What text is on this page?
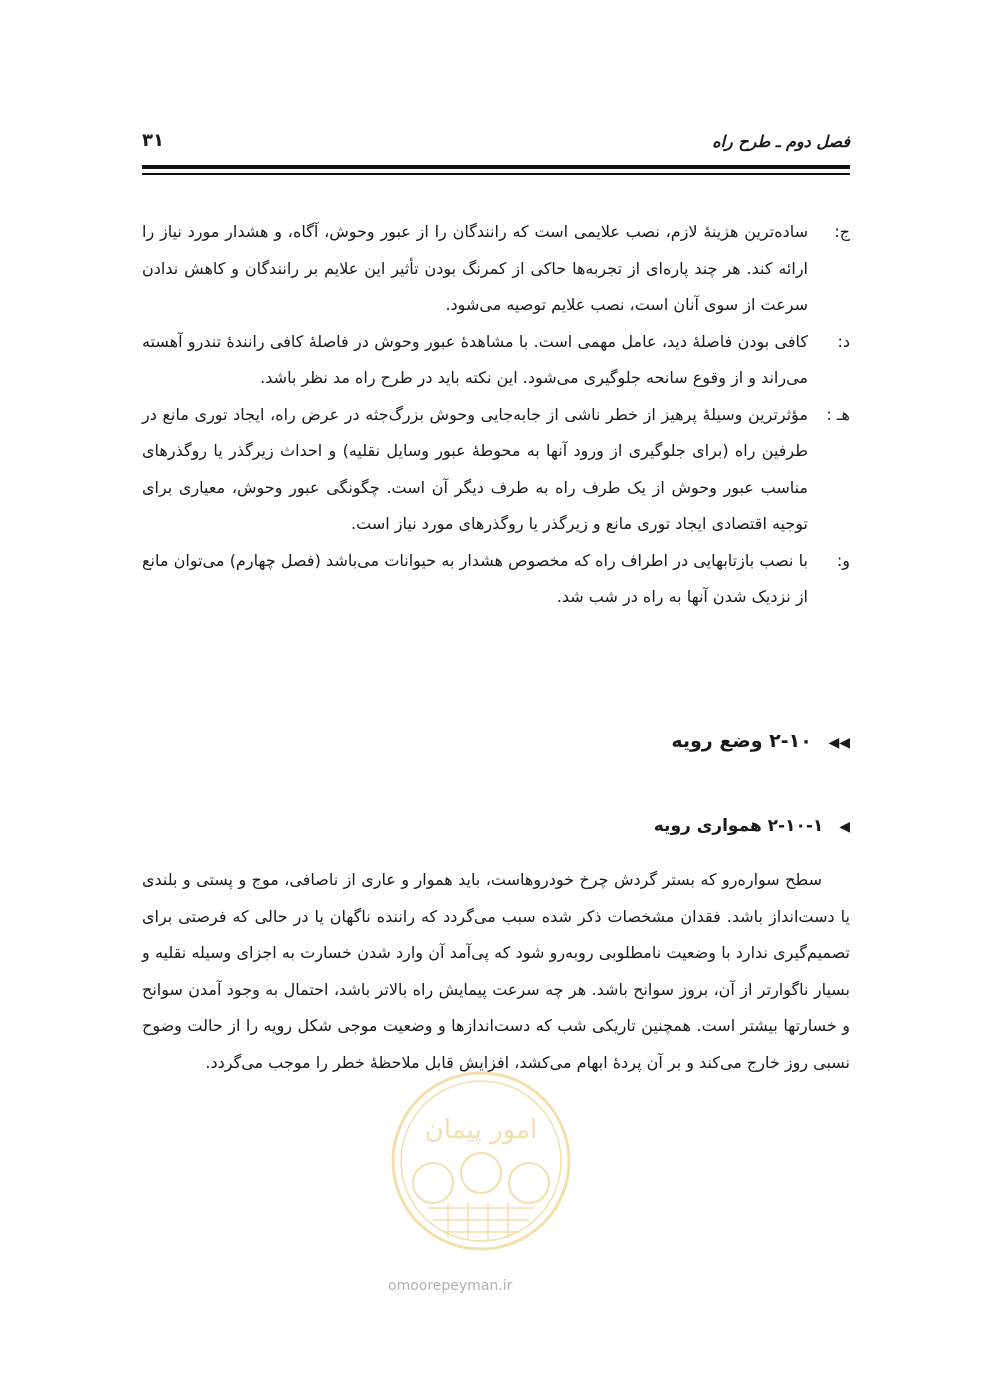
فصل دوم ـ طرح راه
۳۱
ج:
ساده‌ترین هزینهٔ لازم، نصب علایمی است که رانندگان را از عبور وحوش، آگاه، و هشدار مورد نیاز را ارائه کند. هر چند پاره‌ای از تجربه‌ها حاکی از کمرنگ بودن تأثیر این علایم بر رانندگان و کاهش ندادن سرعت از سوی آنان است، نصب علایم توصیه می‌شود.
د:
کافی بودن فاصلهٔ دید، عامل مهمی است. با مشاهدهٔ عبور وحوش در فاصلهٔ کافی رانندهٔ تندرو آهسته می‌راند و از وقوع سانحه جلوگیری می‌شود. این نکته باید در طرح راه مد نظر باشد.
هـ :
مؤثرترین وسیلهٔ پرهیز از خطر ناشی از جابه‌جایی وحوش بزرگ‌جثه در عرض راه، ایجاد توری مانع در طرفین راه (برای جلوگیری از ورود آنها به محوطهٔ عبور وسایل نقلیه) و احداث زیرگذر یا روگذرهای مناسب عبور وحوش از یک طرف راه به طرف دیگر آن است. چگونگی عبور وحوش، معیاری برای توجیه اقتصادی ایجاد توری مانع و زیرگذر یا روگذرهای مورد نیاز است.
و:
با نصب بازتابهایی در اطراف راه که مخصوص هشدار به حیوانات می‌باشد (فصل چهارم) می‌توان مانع از نزدیک شدن آنها به راه در شب شد.
◀◀ ۲-۱۰ وضع رویه
◀ ۲-۱۰-۱ همواری رویه
سطح سواره‌رو که بستر گردش چرخ خودروهاست، باید هموار و عاری از ناصافی، موج و پستی و بلندی یا دست‌انداز باشد. فقدان مشخصات ذکر شده سبب می‌گردد که راننده ناگهان یا در حالی که فرصتی برای تصمیم‌گیری ندارد با وضعیت نامطلوبی روبه‌رو شود که پی‌آمد آن وارد شدن خسارت به اجزای وسیله نقلیه و بسیار ناگوارتر از آن، بروز سوانح باشد. هر چه سرعت پیمایش راه بالاتر باشد، احتمال به وجود آمدن سوانح و خسارتها بیشتر است. همچنین تاریکی شب که دست‌اندازها و وضعیت موجی شکل رویه را از حالت وضوح نسبی روز خارج می‌کند و بر آن پردهٔ ابهام می‌کشد، افزایش قابل ملاحظهٔ خطر را موجب می‌گردد.
امور پیمان
omoorepeyman.ir
